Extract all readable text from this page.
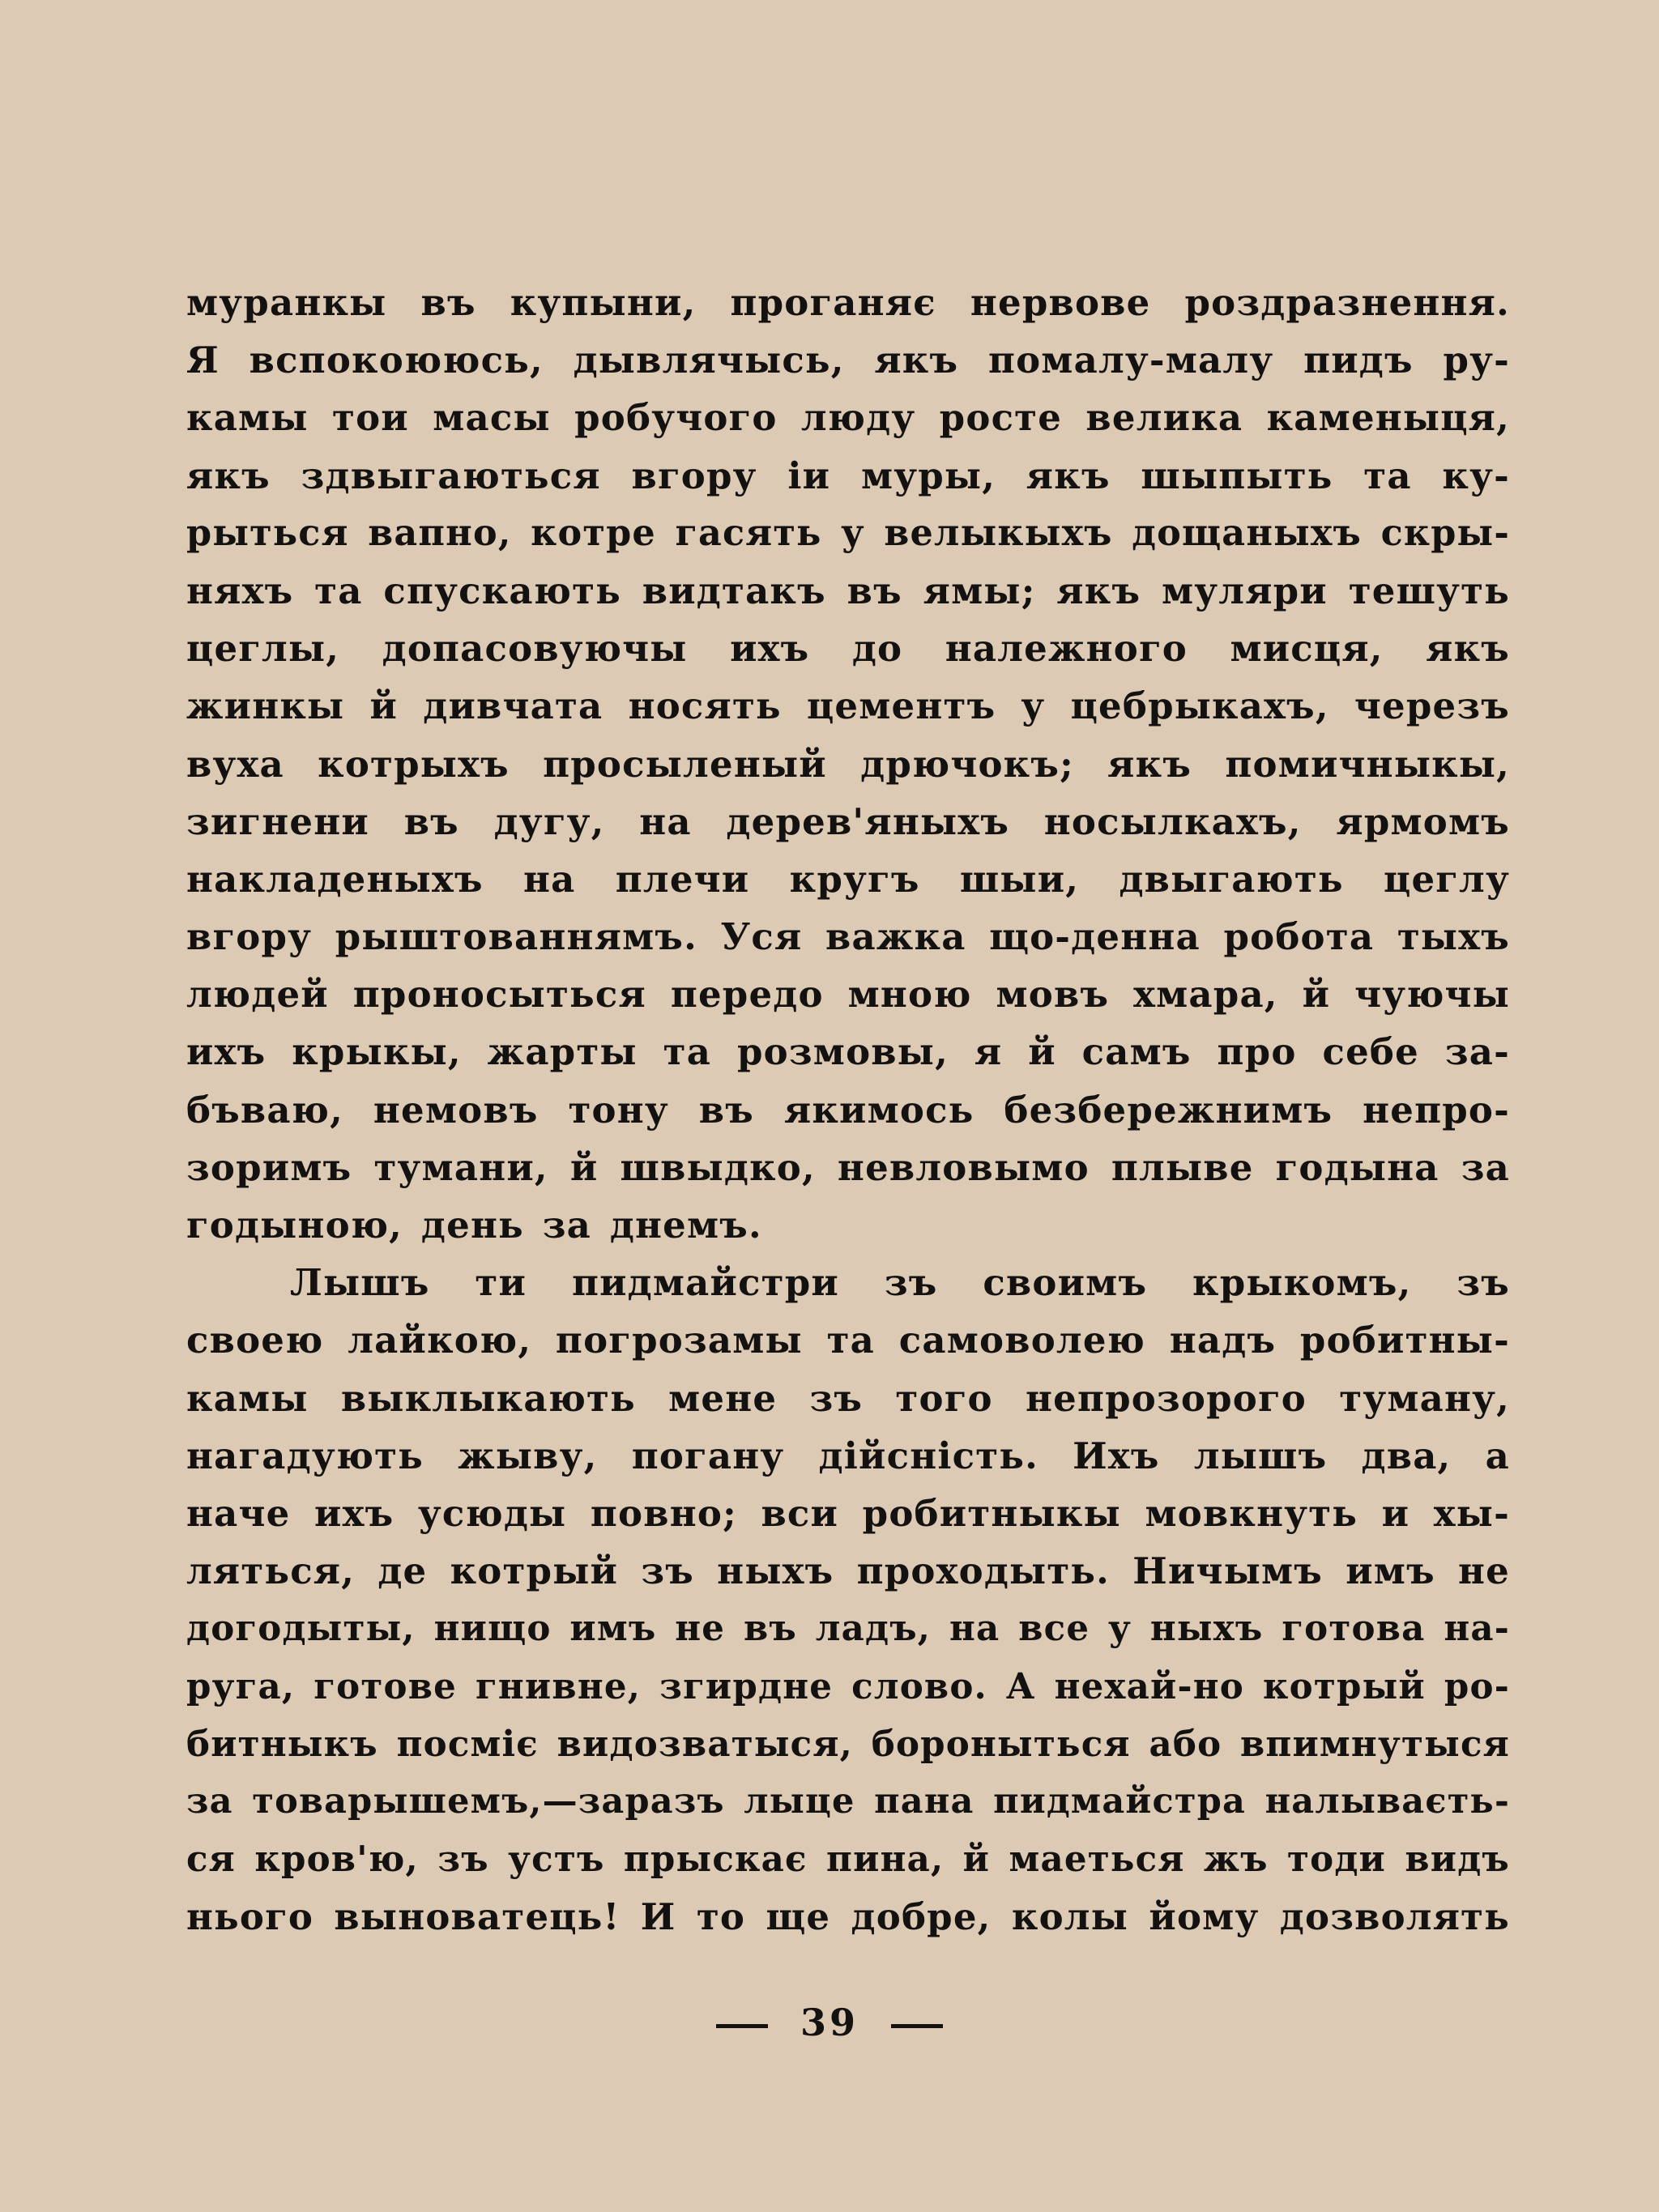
муранкы въ купыни, проганяє нервове роздразнення.
Я вспокоююсь, дывлячысь, якъ помалу-малу пидъ ру-
камы тои масы робучого люду росте велика каменыця,
якъ здвыгаються вгору іи муры, якъ шыпыть та ку-
рыться вапно, котре гасять у велыкыхъ дощаныхъ скры-
няхъ та спускають видтакъ въ ямы; якъ муляри тешуть
цеглы, допасовуючы ихъ до належного мисця, якъ
жинкы й дивчата носять цементъ у цебрыкахъ, черезъ
вуха котрыхъ просыленый дрючокъ; якъ помичныкы,
зигнени въ дугу, на дерев'яныхъ носылкахъ, ярмомъ
накладеныхъ на плечи кругъ шыи, двыгають цеглу
вгору рыштованнямъ. Уся важка що-денна робота тыхъ
людей проносыться передо мною мовъ хмара, й чуючы
ихъ крыкы, жарты та розмовы, я й самъ про себе за-
бъваю, немовъ тону въ якимось безбережнимъ непро-
зоримъ тумани, й швыдко, невловымо плыве годына за
годыною, день за днемъ.
Лышъ ти пидмайстри зъ своимъ крыкомъ, зъ
своею лайкою, погрозамы та самоволею надъ робитны-
камы выклыкають мене зъ того непрозорого туману,
нагадують жыву, погану дійсність. Ихъ лышъ два, а
наче ихъ усюды повно; вси робитныкы мовкнуть и хы-
ляться, де котрый зъ ныхъ проходыть. Ничымъ имъ не
догодыты, нищо имъ не въ ладъ, на все у ныхъ готова на-
руга, готове гнивне, згирдне слово. А нехай-но котрый ро-
битныкъ посміє видозватыся, бороныться або впимнутыся
за товарышемъ,—заразъ лыце пана пидмайстра налываєть-
ся кров'ю, зъ устъ прыскає пина, й маеться жъ тоди видъ
нього выноватець! И то ще добре, колы йому дозволять
39
